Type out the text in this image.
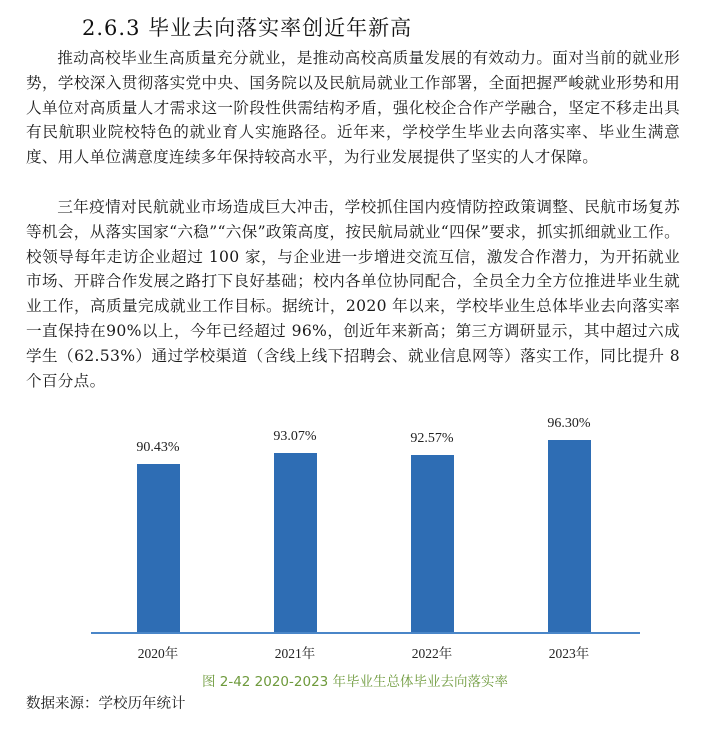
2.6.3 毕业去向落实率创近年新高
推动高校毕业生高质量充分就业，是推动高校高质量发展的有效动力。面对当前的就业形势，学校深入贯彻落实党中央、国务院以及民航局就业工作部署，全面把握严峻就业形势和用人单位对高质量人才需求这一阶段性供需结构矛盾，强化校企合作产学融合，坚定不移走出具有民航职业院校特色的就业育人实施路径。近年来，学校学生毕业去向落实率、毕业生满意度、用人单位满意度连续多年保持较高水平，为行业发展提供了坚实的人才保障。
三年疫情对民航就业市场造成巨大冲击，学校抓住国内疫情防控政策调整、民航市场复苏等机会，从落实国家“六稳”“六保”政策高度，按民航局就业“四保”要求，抓实抓细就业工作。校领导每年走访企业超过 100 家，与企业进一步增进交流互信，激发合作潜力，为开拓就业市场、开辟合作发展之路打下良好基础；校内各单位协同配合，全员全力全方位推进毕业生就业工作，高质量完成就业工作目标。据统计，2020 年以来，学校毕业生总体毕业去向落实率一直保持在90%以上，今年已经超过 96%，创近年来新高；第三方调研显示，其中超过六成学生（62.53%）通过学校渠道（含线上线下招聘会、就业信息网等）落实工作，同比提升 8 个百分点。
90.43%
93.07%	92.57%
96.30%
2020年	2021年	2022年	2023年
图 2-42 2020-2023 年毕业生总体毕业去向落实率
数据来源：学校历年统计
